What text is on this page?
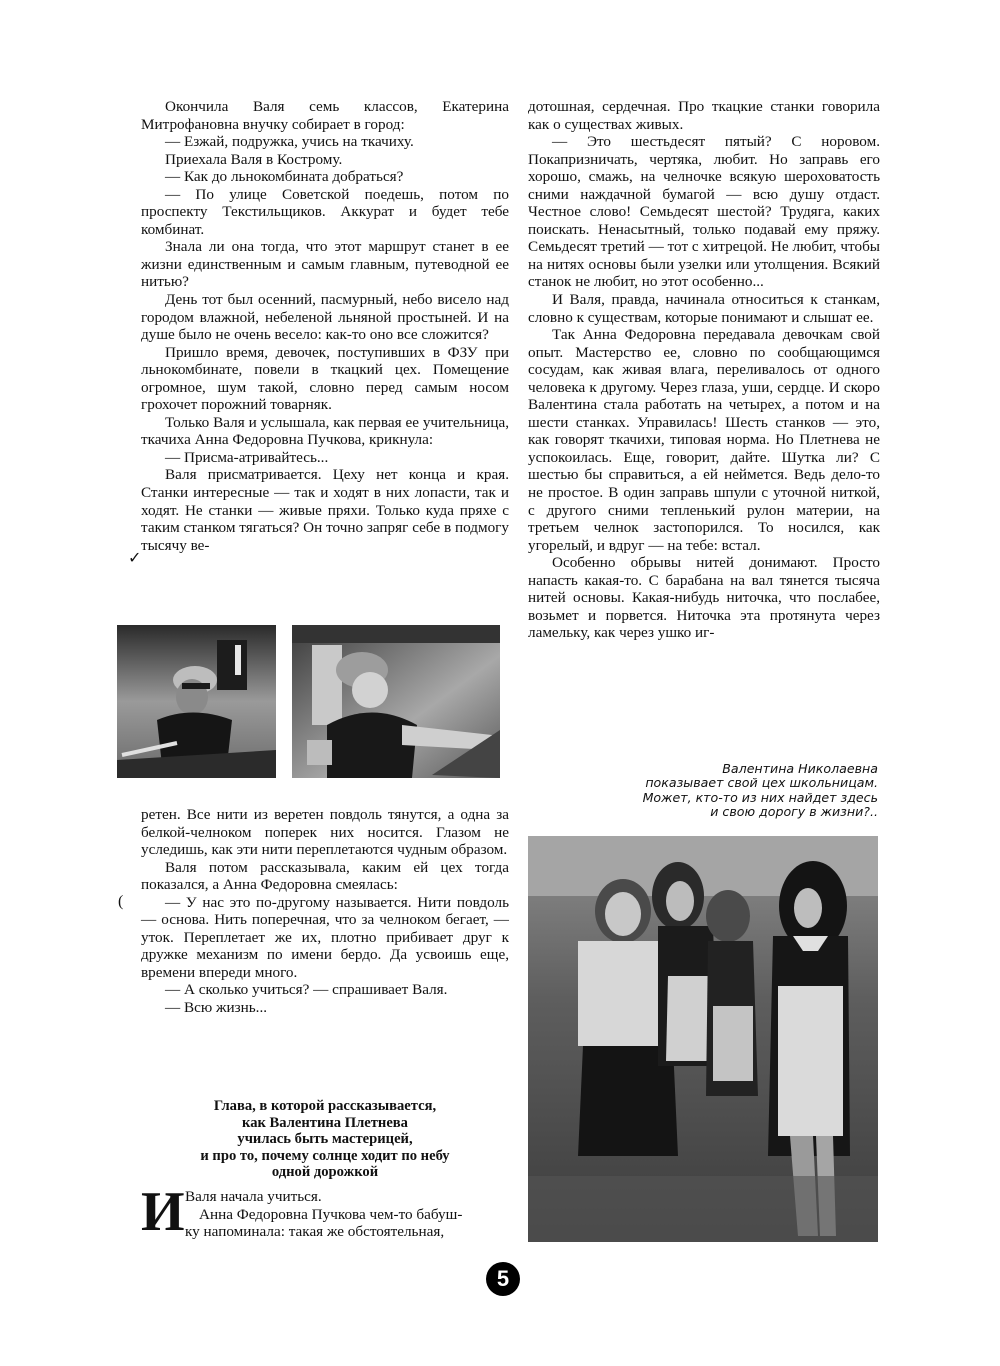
Окончила Валя семь классов, Екатерина Митрофановна внучку собирает в город:

— Езжай, подружка, учись на ткачиху.

Приехала Валя в Кострому.

— Как до льнокомбината добраться?

— По улице Советской поедешь, потом по проспекту Текстильщиков. Аккурат и будет тебе комбинат.

Знала ли она тогда, что этот маршрут станет в ее жизни единственным и самым главным, путеводной ее нитью?

День тот был осенний, пасмурный, небо висело над городом влажной, небеленой льняной простыней. И на душе было не очень весело: как-то оно все сложится?

Пришло время, девочек, поступивших в ФЗУ при льнокомбинате, повели в ткацкий цех. Помещение огромное, шум такой, словно перед самым носом грохочет порожний товарняк.

Только Валя и услышала, как первая ее учительница, ткачиха Анна Федоровна Пучкова, крикнула:

— Присма-атривайтесь...

Валя присматривается. Цеху нет конца и края. Станки интересные — так и ходят в них лопасти, так и ходят. Не станки — живые пряхи. Только куда пряхе с таким станком тягаться? Он точно запряг себе в подмогу тысячу ве-

✓
(
Валентина Николаевна
показывает свой цех школьницам.
Может, кто-то из них найдет здесь
и свою дорогу в жизни?..

ретен. Все нити из веретен повдоль тянутся, а одна за белкой-челноком поперек них носится. Глазом не уследишь, как эти нити переплетаются чудным образом.

Валя потом рассказывала, каким ей цех тогда показался, а Анна Федоровна смеялась:

— У нас это по-другому называется. Нити повдоль — основа. Нить поперечная, что за челноком бегает, — уток. Переплетает же их, плотно прибивает друг к дружке механизм по имени бердо. Да усвоишь еще, времени впереди много.

— А сколько учиться? — спрашивает Валя.

— Всю жизнь...

Глава, в которой рассказывается,
как Валентина Плетнева
училась быть мастерицей,
и про то, почему солнце ходит по небу
одной дорожкой
И Валя начала учиться.
Анна Федоровна Пучкова чем-то бабуш-
ку напоминала: такая же обстоятельная,

дотошная, сердечная. Про ткацкие станки говорила как о существах живых.

— Это шестьдесят пятый? С норовом. Покапризничать, чертяка, любит. Но заправь его хорошо, смажь, на челночке всякую шероховатость сними наждачной бумагой — всю душу отдаст. Честное слово! Семьдесят шестой? Трудяга, каких поискать. Ненасытный, только подавай ему пряжу. Семьдесят третий — тот с хитрецой. Не любит, чтобы на нитях основы были узелки или утолщения. Всякий станок не любит, но этот особенно...

И Валя, правда, начинала относиться к станкам, словно к существам, которые понимают и слышат ее.

Так Анна Федоровна передавала девочкам свой опыт. Мастерство ее, словно по сообщающимся сосудам, как живая влага, переливалось от одного человека к другому. Через глаза, уши, сердце. И скоро Валентина стала работать на четырех, а потом и на шести станках. Управилась! Шесть станков — это, как говорят ткачихи, типовая норма. Но Плетнева не успокоилась. Еще, говорит, дайте. Шутка ли? С шестью бы справиться, а ей неймется. Ведь дело-то не простое. В один заправь шпули с уточной ниткой, с другого сними тепленький рулон материи, на третьем челнок застопорился. То носился, как угорелый, и вдруг — на тебе: встал.

Особенно обрывы нитей донимают. Просто напасть какая-то. С барабана на вал тянется тысяча нитей основы. Какая-нибудь ниточка, что послабее, возьмет и порвется. Ниточка эта протянута через ламельку, как через ушко иг-

5
